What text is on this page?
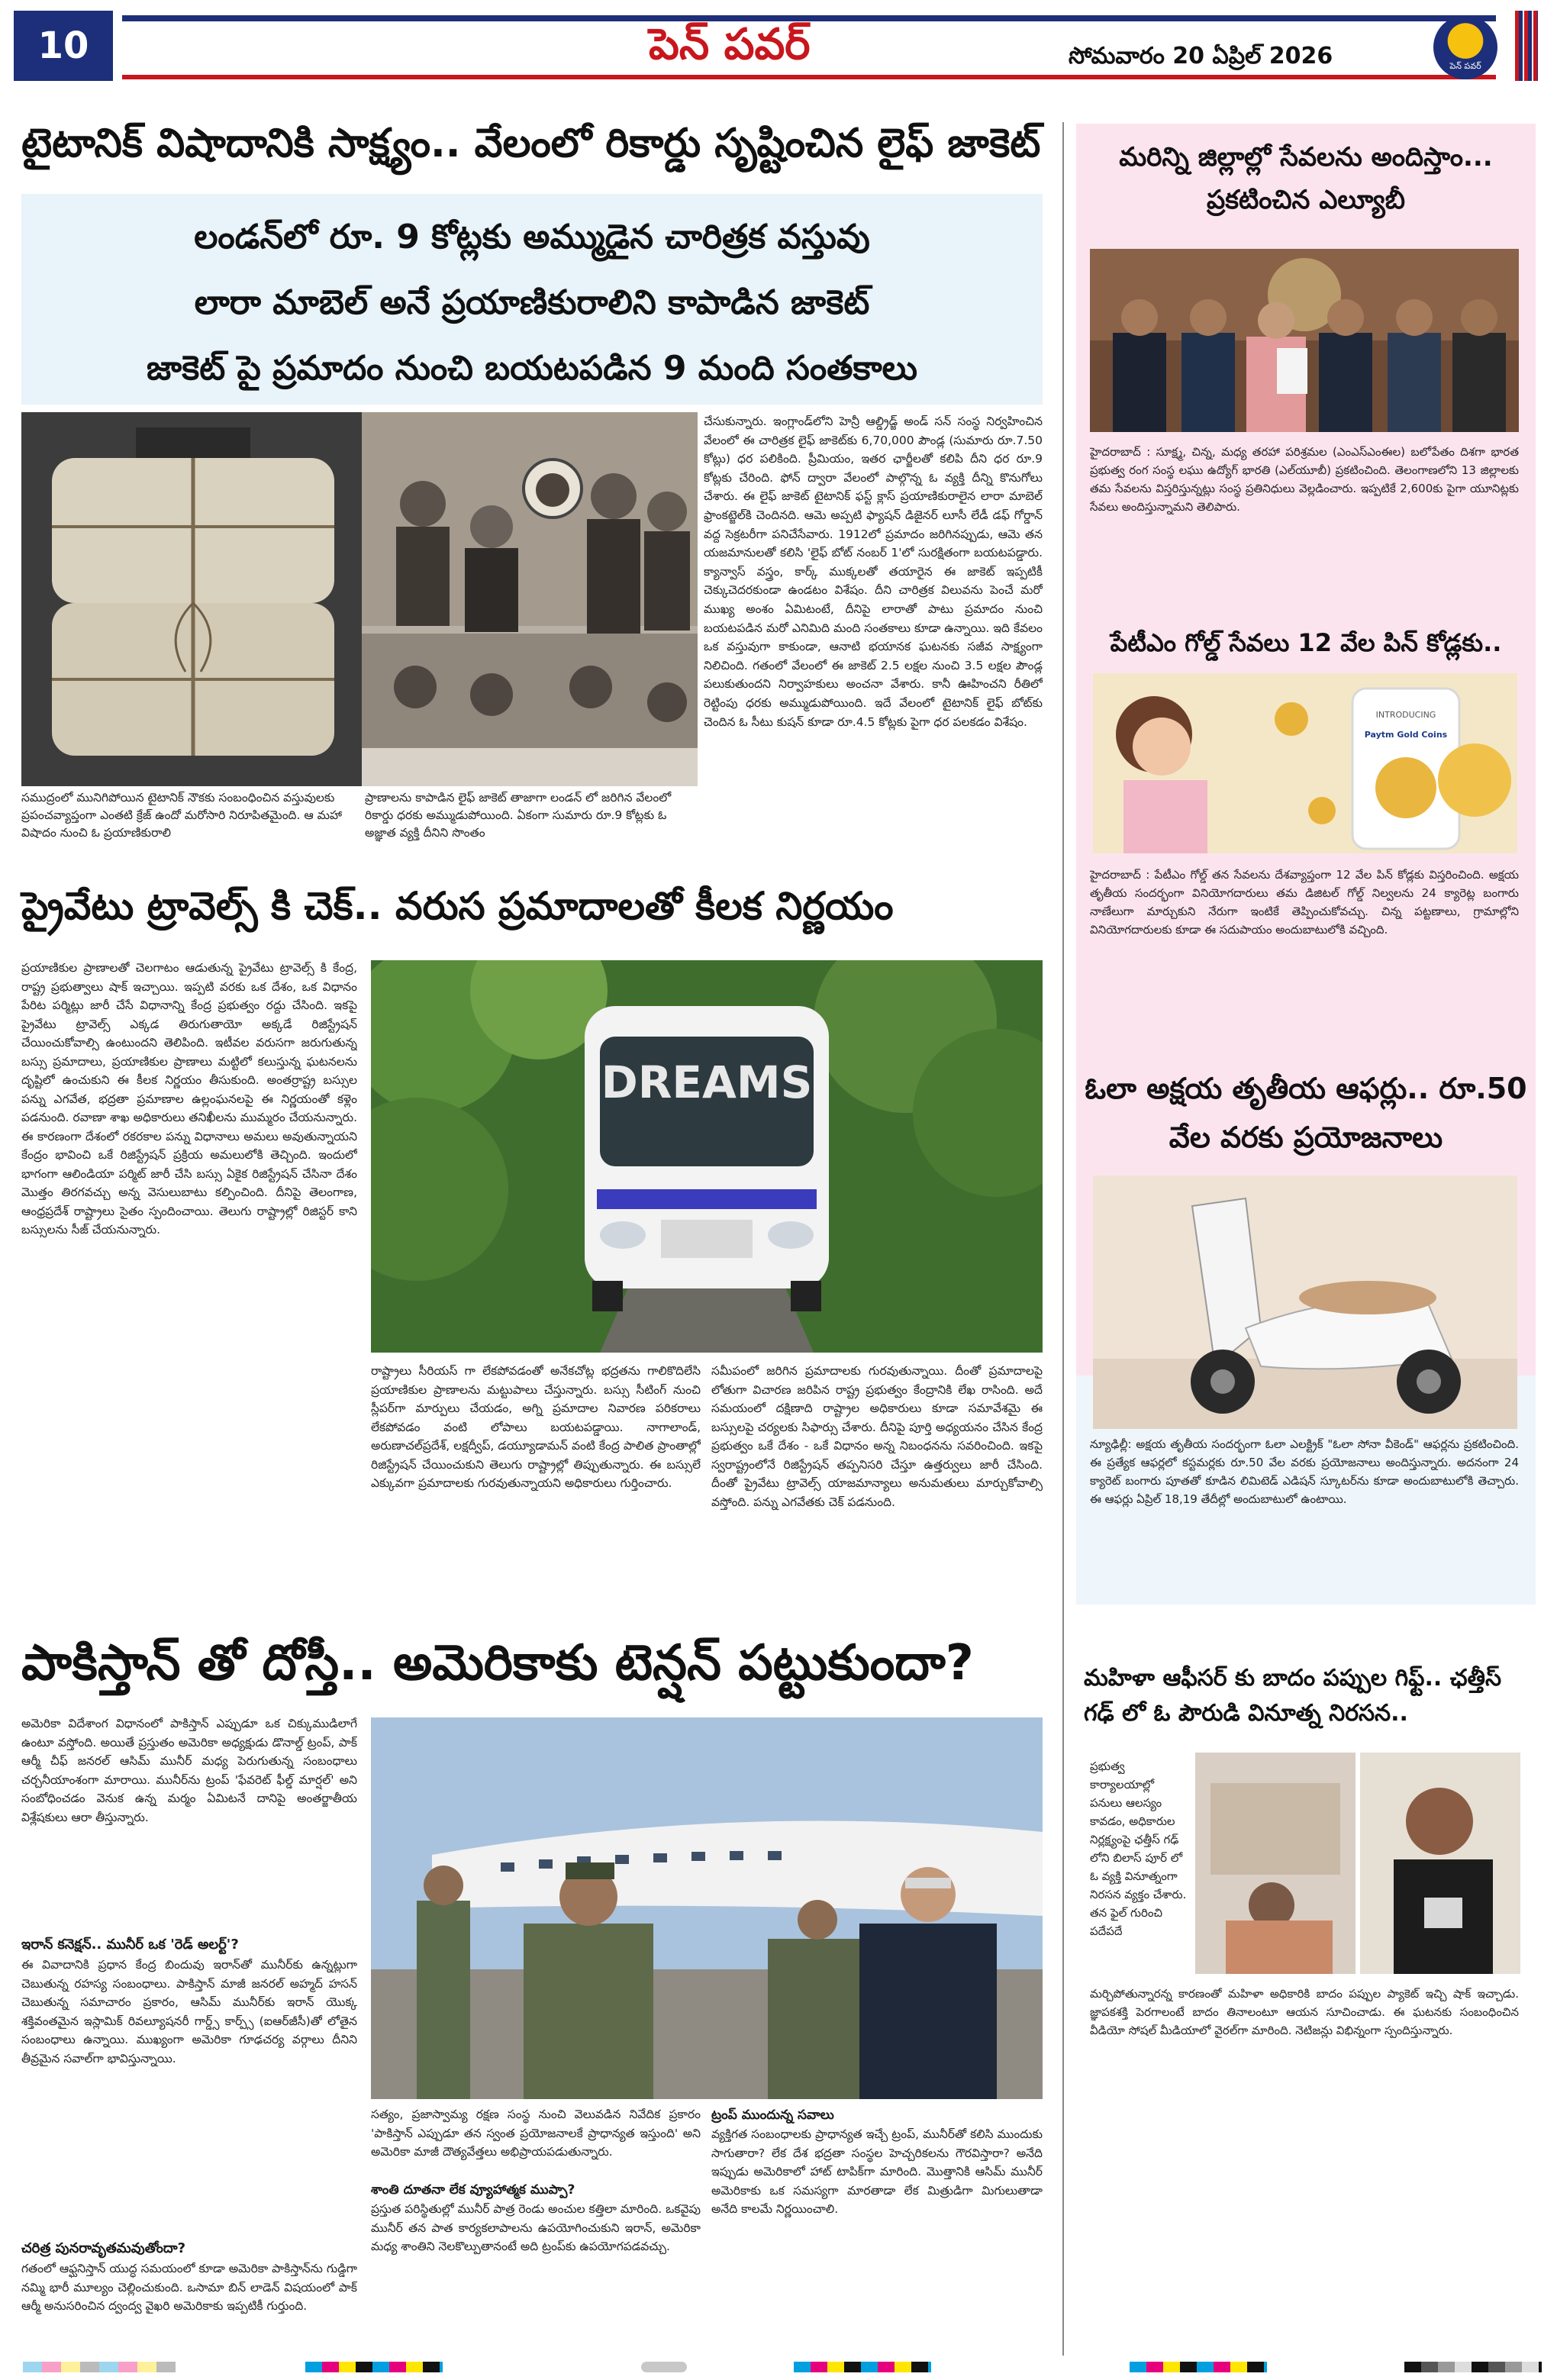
10	పెన్ పవర్	సోమవారం 20 ఏప్రిల్ 2026	పెన్ పవర్
టైటానిక్ విషాదానికి సాక్ష్యం.. వేలంలో రికార్డు సృష్టించిన లైఫ్ జాకెట్
లండన్‌లో రూ. 9 కోట్లకు అమ్ముడైన చారిత్రక వస్తువు
లారా మాబెల్ అనే ప్రయాణికురాలిని కాపాడిన జాకెట్
జాకెట్ పై ప్రమాదం నుంచి బయటపడిన 9 మంది సంతకాలు
చేసుకున్నారు. ఇంగ్లాండ్‌లోని హెన్రీ ఆల్డ్రిడ్జ్ అండ్ సన్ సంస్థ నిర్వహించిన వేలంలో ఈ చారిత్రక లైఫ్ జాకెట్‌కు 6,70,000 పౌండ్ల (సుమారు రూ.7.50 కోట్లు) ధర పలికింది. ప్రీమియం, ఇతర ఛార్జీలతో కలిపి దీని ధర రూ.9 కోట్లకు చేరింది. ఫోన్ ద్వారా వేలంలో పాల్గొన్న ఓ వ్యక్తి దీన్ని కొనుగోలు చేశారు. ఈ లైఫ్ జాకెట్ టైటానిక్ ఫస్ట్ క్లాస్ ప్రయాణికురాలైన లారా మాబెల్ ఫ్రాంకట్జెల్‌కి చెందినది. ఆమె అప్పటి ఫ్యాషన్ డిజైనర్ లూసీ లేడీ డఫ్ గోర్డాన్ వద్ద సెక్రటరీగా పనిచేసేవారు. 1912లో ప్రమాదం జరిగినప్పుడు, ఆమె తన యజమానులతో కలిసి 'లైఫ్ బోట్ నంబర్ 1'లో సురక్షితంగా బయటపడ్డారు. క్యాన్వాస్ వస్త్రం, కార్క్ ముక్కలతో తయారైన ఈ జాకెట్ ఇప్పటికీ చెక్కుచెదరకుండా ఉండటం విశేషం. దీని చారిత్రక విలువను పెంచే మరో ముఖ్య అంశం ఏమిటంటే, దీనిపై లారాతో పాటు ప్రమాదం నుంచి బయటపడిన మరో ఎనిమిది మంది సంతకాలు కూడా ఉన్నాయి. ఇది కేవలం ఒక వస్తువుగా కాకుండా, ఆనాటి భయానక ఘటనకు సజీవ సాక్ష్యంగా నిలిచింది. గతంలో వేలంలో ఈ జాకెట్ 2.5 లక్షల నుంచి 3.5 లక్షల పౌండ్ల పలుకుతుందని నిర్వాహకులు అంచనా వేశారు. కానీ ఊహించని రీతిలో రెట్టింపు ధరకు అమ్ముడుపోయింది. ఇదే వేలంలో టైటానిక్ లైఫ్ బోట్‌కు చెందిన ఓ సీటు కుషన్ కూడా రూ.4.5 కోట్లకు పైగా ధర పలకడం విశేషం.
సముద్రంలో మునిగిపోయిన టైటానిక్ నౌకకు సంబంధించిన వస్తువులకు ప్రపంచవ్యాప్తంగా ఎంతటి క్రేజ్ ఉందో మరోసారి నిరూపితమైంది. ఆ మహా విషాదం నుంచి ఓ ప్రయాణికురాలి
ప్రాణాలను కాపాడిన లైఫ్ జాకెట్ తాజాగా లండన్ లో జరిగిన వేలంలో రికార్డు ధరకు అమ్ముడుపోయింది. ఏకంగా సుమారు రూ.9 కోట్లకు ఓ అజ్ఞాత వ్యక్తి దీనిని సొంతం
ప్రైవేటు ట్రావెల్స్ కి చెక్.. వరుస ప్రమాదాలతో కీలక నిర్ణయం
ప్రయాణికుల ప్రాణాలతో చెలగాటం ఆడుతున్న ప్రైవేటు ట్రావెల్స్ కి కేంద్ర, రాష్ట్ర ప్రభుత్వాలు షాక్ ఇచ్చాయి. ఇప్పటి వరకు ఒక దేశం, ఒక విధానం పేరిట పర్మిట్లు జారీ చేసే విధానాన్ని కేంద్ర ప్రభుత్వం రద్దు చేసింది. ఇకపై ప్రైవేటు ట్రావెల్స్ ఎక్కడ తిరుగుతాయో అక్కడే రిజిస్ట్రేషన్ చేయించుకోవాల్సి ఉంటుందని తెలిపింది. ఇటీవల వరుసగా జరుగుతున్న బస్సు ప్రమాదాలు, ప్రయాణికుల ప్రాణాలు మట్టిలో కలుస్తున్న ఘటనలను దృష్టిలో ఉంచుకుని ఈ కీలక నిర్ణయం తీసుకుంది. అంతర్రాష్ట్ర బస్సుల పన్ను ఎగవేత, భద్రతా ప్రమాణాల ఉల్లంఘనలపై ఈ నిర్ణయంతో కళ్లెం పడనుంది. రవాణా శాఖ అధికారులు తనిఖీలను ముమ్మరం చేయనున్నారు. ఈ కారణంగా దేశంలో రకరకాల పన్ను విధానాలు అమలు అవుతున్నాయని కేంద్రం భావించి ఒకే రిజిస్ట్రేషన్ ప్రక్రియ అమలులోకి తెచ్చింది. ఇందులో భాగంగా ఆలిండియా పర్మిట్ జారీ చేసి బస్సు ఏకైక రిజిస్ట్రేషన్ చేసినా దేశం మొత్తం తిరగవచ్చు అన్న వెసులుబాటు కల్పించింది. దీనిపై తెలంగాణ, ఆంధ్రప్రదేశ్ రాష్ట్రాలు సైతం స్పందించాయి. తెలుగు రాష్ట్రాల్లో రిజిస్టర్ కాని బస్సులను సీజ్ చేయనున్నారు.
DREAMS
రాష్ట్రాలు సీరియస్ గా లేకపోవడంతో అనేకచోట్ల భద్రతను గాలికొదిలేసి ప్రయాణికుల ప్రాణాలను మట్టుపాలు చేస్తున్నారు. బస్సు సీటింగ్ నుంచి స్లీపర్‌గా మార్పులు చేయడం, అగ్ని ప్రమాదాల నివారణ పరికరాలు లేకపోవడం వంటి లోపాలు బయటపడ్డాయి. నాగాలాండ్, అరుణాచల్‌ప్రదేశ్, లక్షద్వీప్, డయ్యూడామన్ వంటి కేంద్ర పాలిత ప్రాంతాల్లో రిజిస్ట్రేషన్ చేయించుకుని తెలుగు రాష్ట్రాల్లో తిప్పుతున్నారు. ఈ బస్సులే ఎక్కువగా ప్రమాదాలకు గురవుతున్నాయని అధికారులు గుర్తించారు.
సమీపంలో జరిగిన ప్రమాదాలకు గురవుతున్నాయి. దీంతో ప్రమాదాలపై లోతుగా విచారణ జరిపిన రాష్ట్ర ప్రభుత్వం కేంద్రానికి లేఖ రాసింది. అదే సమయంలో దక్షిణాది రాష్ట్రాల అధికారులు కూడా సమావేశమై ఈ బస్సులపై చర్యలకు సిఫార్సు చేశారు. దీనిపై పూర్తి అధ్యయనం చేసిన కేంద్ర ప్రభుత్వం ఒకే దేశం - ఒకే విధానం అన్న నిబంధనను సవరించింది. ఇకపై స్వరాష్ట్రంలోనే రిజిస్ట్రేషన్ తప్పనిసరి చేస్తూ ఉత్తర్వులు జారీ చేసింది. దీంతో ప్రైవేటు ట్రావెల్స్ యాజమాన్యాలు అనుమతులు మార్చుకోవాల్సి వస్తోంది. పన్ను ఎగవేతకు చెక్ పడనుంది.
పాకిస్తాన్ తో దోస్తీ.. అమెరికాకు టెన్షన్ పట్టుకుందా?
అమెరికా విదేశాంగ విధానంలో పాకిస్తాన్ ఎప్పుడూ ఒక చిక్కుముడిలాగే ఉంటూ వస్తోంది. అయితే ప్రస్తుతం అమెరికా అధ్యక్షుడు డొనాల్డ్ ట్రంప్, పాక్ ఆర్మీ చీఫ్ జనరల్ ఆసిమ్ మునీర్ మధ్య పెరుగుతున్న సంబంధాలు చర్చనీయాంశంగా మారాయి. మునీర్‌ను ట్రంప్ 'ఫేవరెట్ ఫీల్డ్ మార్షల్' అని సంబోధించడం వెనుక ఉన్న మర్మం ఏమిటనే దానిపై అంతర్జాతీయ విశ్లేషకులు ఆరా తీస్తున్నారు.
ఇరాన్ కనెక్షన్.. మునీర్ ఒక 'రెడ్ అలర్ట్'?
ఈ వివాదానికి ప్రధాన కేంద్ర బిందువు ఇరాన్‌తో మునీర్‌కు ఉన్నట్లుగా చెబుతున్న రహస్య సంబంధాలు. పాకిస్తాన్ మాజీ జనరల్ అహ్మద్ హసన్ చెబుతున్న సమాచారం ప్రకారం, ఆసిమ్ మునీర్‌కు ఇరాన్ యొక్క శక్తివంతమైన ఇస్లామిక్ రివల్యూషనరీ గార్డ్స్ కార్ప్స్ (ఐఆర్‌జీసీ)తో లోతైన సంబంధాలు ఉన్నాయి. ముఖ్యంగా అమెరికా గూఢచర్య వర్గాలు దీనిని తీవ్రమైన సవాల్‌గా భావిస్తున్నాయి.
చరిత్ర పునరావృతమవుతోందా?
గతంలో ఆఫ్ఘనిస్తాన్ యుద్ధ సమయంలో కూడా అమెరికా పాకిస్తాన్‌ను గుడ్డిగా నమ్మి భారీ మూల్యం చెల్లించుకుంది. ఒసామా బిన్ లాడెన్ విషయంలో పాక్ ఆర్మీ అనుసరించిన ద్వంద్వ వైఖరి అమెరికాకు ఇప్పటికీ గుర్తుంది.
సత్యం, ప్రజాస్వామ్య రక్షణ సంస్థ నుంచి వెలువడిన నివేదిక ప్రకారం 'పాకిస్తాన్ ఎప్పుడూ తన స్వంత ప్రయోజనాలకే ప్రాధాన్యత ఇస్తుంది' అని అమెరికా మాజీ దౌత్యవేత్తలు అభిప్రాయపడుతున్నారు.
శాంతి దూతనా లేక వ్యూహాత్మక ముప్పా?
ప్రస్తుత పరిస్థితుల్లో మునీర్ పాత్ర రెండు అంచుల కత్తిలా మారింది. ఒకవైపు మునీర్ తన పాత కార్యకలాపాలను ఉపయోగించుకుని ఇరాన్, అమెరికా మధ్య శాంతిని నెలకొల్పుతానంటే అది ట్రంప్‌కు ఉపయోగపడవచ్చు.
ట్రంప్ ముందున్న సవాలు
వ్యక్తిగత సంబంధాలకు ప్రాధాన్యత ఇచ్చే ట్రంప్, మునీర్‌తో కలిసి ముందుకు సాగుతారా? లేక దేశ భద్రతా సంస్థల హెచ్చరికలను గౌరవిస్తారా? అనేది ఇప్పుడు అమెరికాలో హాట్ టాపిక్‌గా మారింది. మొత్తానికి ఆసిమ్ మునీర్ అమెరికాకు ఒక సమస్యగా మారతాడా లేక మిత్రుడిగా మిగులుతాడా అనేది కాలమే నిర్ణయించాలి.
మరిన్ని జిల్లాల్లో సేవలను అందిస్తాం... ప్రకటించిన ఎల్యూబీ
హైదరాబాద్ : సూక్ష్మ, చిన్న, మధ్య తరహా పరిశ్రమల (ఎంఎస్ఎంఈల) బలోపేతం దిశగా భారత ప్రభుత్వ రంగ సంస్థ లఘు ఉద్యోగ్ భారతి (ఎల్‌యూబీ) ప్రకటించింది. తెలంగాణలోని 13 జిల్లాలకు తమ సేవలను విస్తరిస్తున్నట్లు సంస్థ ప్రతినిధులు వెల్లడించారు. ఇప్పటికే 2,600కు పైగా యూనిట్లకు సేవలు అందిస్తున్నామని తెలిపారు.
పేటీఎం గోల్డ్ సేవలు 12 వేల పిన్ కోడ్లకు..
INTRODUCING
Paytm Gold Coins
హైదరాబాద్ : పేటీఎం గోల్డ్ తన సేవలను దేశవ్యాప్తంగా 12 వేల పిన్ కోడ్లకు విస్తరించింది. అక్షయ తృతీయ సందర్భంగా వినియోగదారులు తమ డిజిటల్ గోల్డ్ నిల్వలను 24 క్యారెట్ల బంగారు నాణేలుగా మార్చుకుని నేరుగా ఇంటికే తెప్పించుకోవచ్చు. చిన్న పట్టణాలు, గ్రామాల్లోని వినియోగదారులకు కూడా ఈ సదుపాయం అందుబాటులోకి వచ్చింది.
ఓలా అక్షయ తృతీయ ఆఫర్లు.. రూ.50 వేల వరకు ప్రయోజనాలు
న్యూఢిల్లీ: అక్షయ తృతీయ సందర్భంగా ఓలా ఎలక్ట్రిక్ "ఓలా సోనా వీకెండ్" ఆఫర్లను ప్రకటించింది. ఈ ప్రత్యేక ఆఫర్లలో కస్టమర్లకు రూ.50 వేల వరకు ప్రయోజనాలు అందిస్తున్నారు. అదనంగా 24 క్యారెట్ బంగారు పూతతో కూడిన లిమిటెడ్ ఎడిషన్ స్కూటర్‌ను కూడా అందుబాటులోకి తెచ్చారు. ఈ ఆఫర్లు ఏప్రిల్ 18,19 తేదీల్లో అందుబాటులో ఉంటాయి.
మహిళా ఆఫీసర్ కు బాదం పప్పుల గిఫ్ట్.. ఛత్తీస్ గఢ్ లో ఓ పౌరుడి వినూత్న నిరసన..
ప్రభుత్వ కార్యాలయాల్లో పనులు ఆలస్యం కావడం, అధికారుల నిర్లక్ష్యంపై ఛత్తీస్ గఢ్ లోని బిలాస్ పూర్ లో ఓ వ్యక్తి వినూత్నంగా నిరసన వ్యక్తం చేశారు. తన ఫైల్ గురించి పదేపదే
మర్చిపోతున్నారన్న కారణంతో మహిళా అధికారికి బాదం పప్పుల ప్యాకెట్ ఇచ్చి షాక్ ఇచ్చాడు. జ్ఞాపకశక్తి పెరగాలంటే బాదం తినాలంటూ ఆయన సూచించాడు. ఈ ఘటనకు సంబంధించిన వీడియో సోషల్ మీడియాలో వైరల్‌గా మారింది. నెటిజన్లు విభిన్నంగా స్పందిస్తున్నారు.
